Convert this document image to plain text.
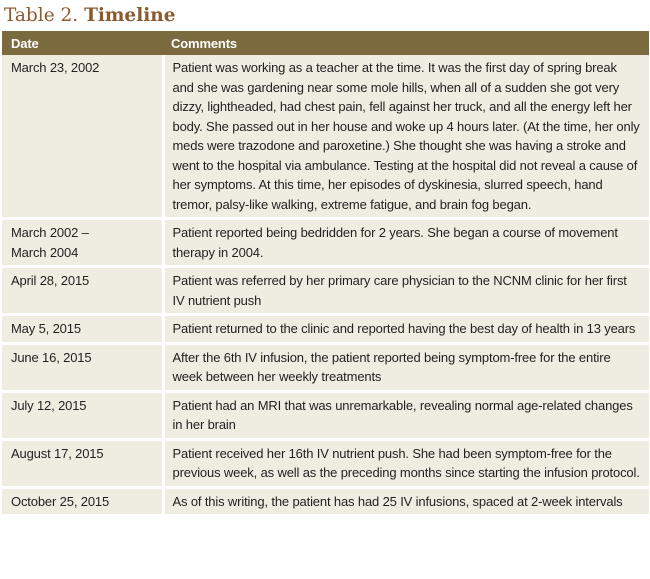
Table 2. Timeline
Date	Comments
March 23, 2002	Patient was working as a teacher at the time. It was the first day of spring break and she was gardening near some mole hills, when all of a sudden she got very dizzy, lightheaded, had chest pain, fell against her truck, and all the energy left her body. She passed out in her house and woke up 4 hours later. (At the time, her only meds were trazodone and paroxetine.) She thought she was having a stroke and went to the hospital via ambulance. Testing at the hospital did not reveal a cause of her symptoms. At this time, her episodes of dyskinesia, slurred speech, hand tremor, palsy-like walking, extreme fatigue, and brain fog began.
March 2002 –
March 2004	Patient reported being bedridden for 2 years. She began a course of movement therapy in 2004.
April 28, 2015	Patient was referred by her primary care physician to the NCNM clinic for her first IV nutrient push
May 5, 2015	Patient returned to the clinic and reported having the best day of health in 13 years
June 16, 2015	After the 6th IV infusion, the patient reported being symptom-free for the entire week between her weekly treatments
July 12, 2015	Patient had an MRI that was unremarkable, revealing normal age-related changes in her brain
August 17, 2015	Patient received her 16th IV nutrient push. She had been symptom-free for the previous week, as well as the preceding months since starting the infusion protocol.
October 25, 2015	As of this writing, the patient has had 25 IV infusions, spaced at 2-week intervals
